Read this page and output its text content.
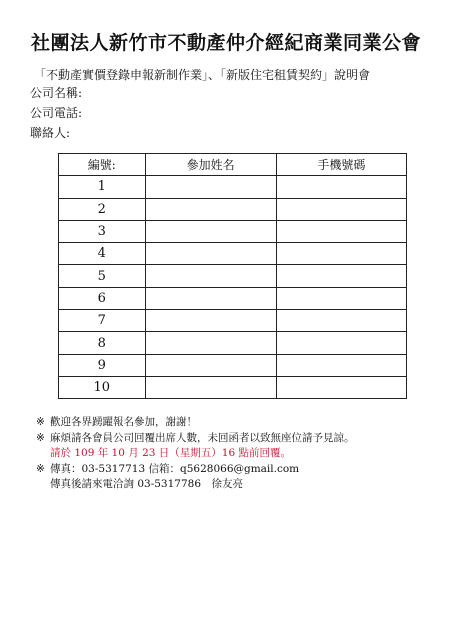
社團法人新竹市不動產仲介經紀商業同業公會
「不動產實價登錄申報新制作業」、「新版住宅租賃契約」說明會
公司名稱:
公司電話:
聯絡人:
編號:	參加姓名	手機號碼
1		
2		
3		
4		
5		
6		
7		
8		
9		
10		
※ 歡迎各界踴躍報名參加，謝謝！
※ 麻煩請各會員公司回覆出席人數，未回函者以致無座位請予見諒。
請於 109 年 10 月 23 日（星期五）16 點前回覆。
※ 傳真：03-5317713 信箱：q5628066@gmail.com
傳真後請來電洽詢 03-5317786　徐友亮
